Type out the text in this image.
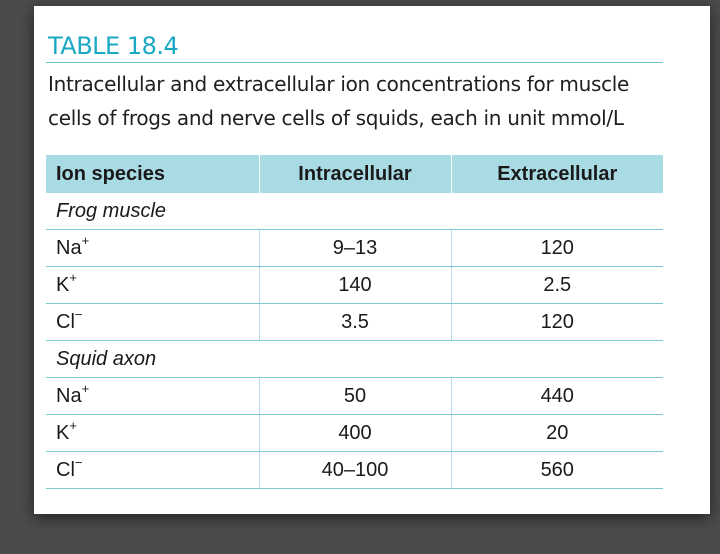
TABLE 18.4
Intracellular and extracellular ion concentrations for muscle cells of frogs and nerve cells of squids, each in unit mmol/L
Ion species	Intracellular	Extracellular
Frog muscle		
Na+	9–13	120
K+	140	2.5
Cl−	3.5	120
Squid axon		
Na+	50	440
K+	400	20
Cl−	40–100	560
